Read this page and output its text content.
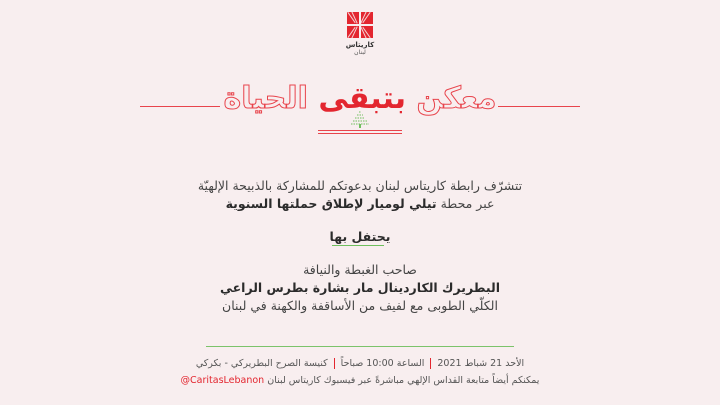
كاريتاس
لبنان
معكن بتبقى الحياة
تتشرّف رابطة كاريتاس لبنان بدعوتكم للمشاركة بالذبيحة الإلهيّة
عبر محطة تيلي لوميار لإطلاق حملتها السنوية
يحتفل بها
صاحب الغبطة والنيافة
البطريرك الكاردينال مار بشارة بطرس الراعي
الكلّي الطوبى مع لفيف من الأساقفة والكهنة في لبنان
الأحد 21 شباط 2021الساعة 10:00 صباحاًكنيسة الصرح البطريركي - بكركي
يمكنكم أيضاً متابعة القداس الإلهي مباشرةً عبر فيسبوك كاريتاس لبنان @CaritasLebanon
